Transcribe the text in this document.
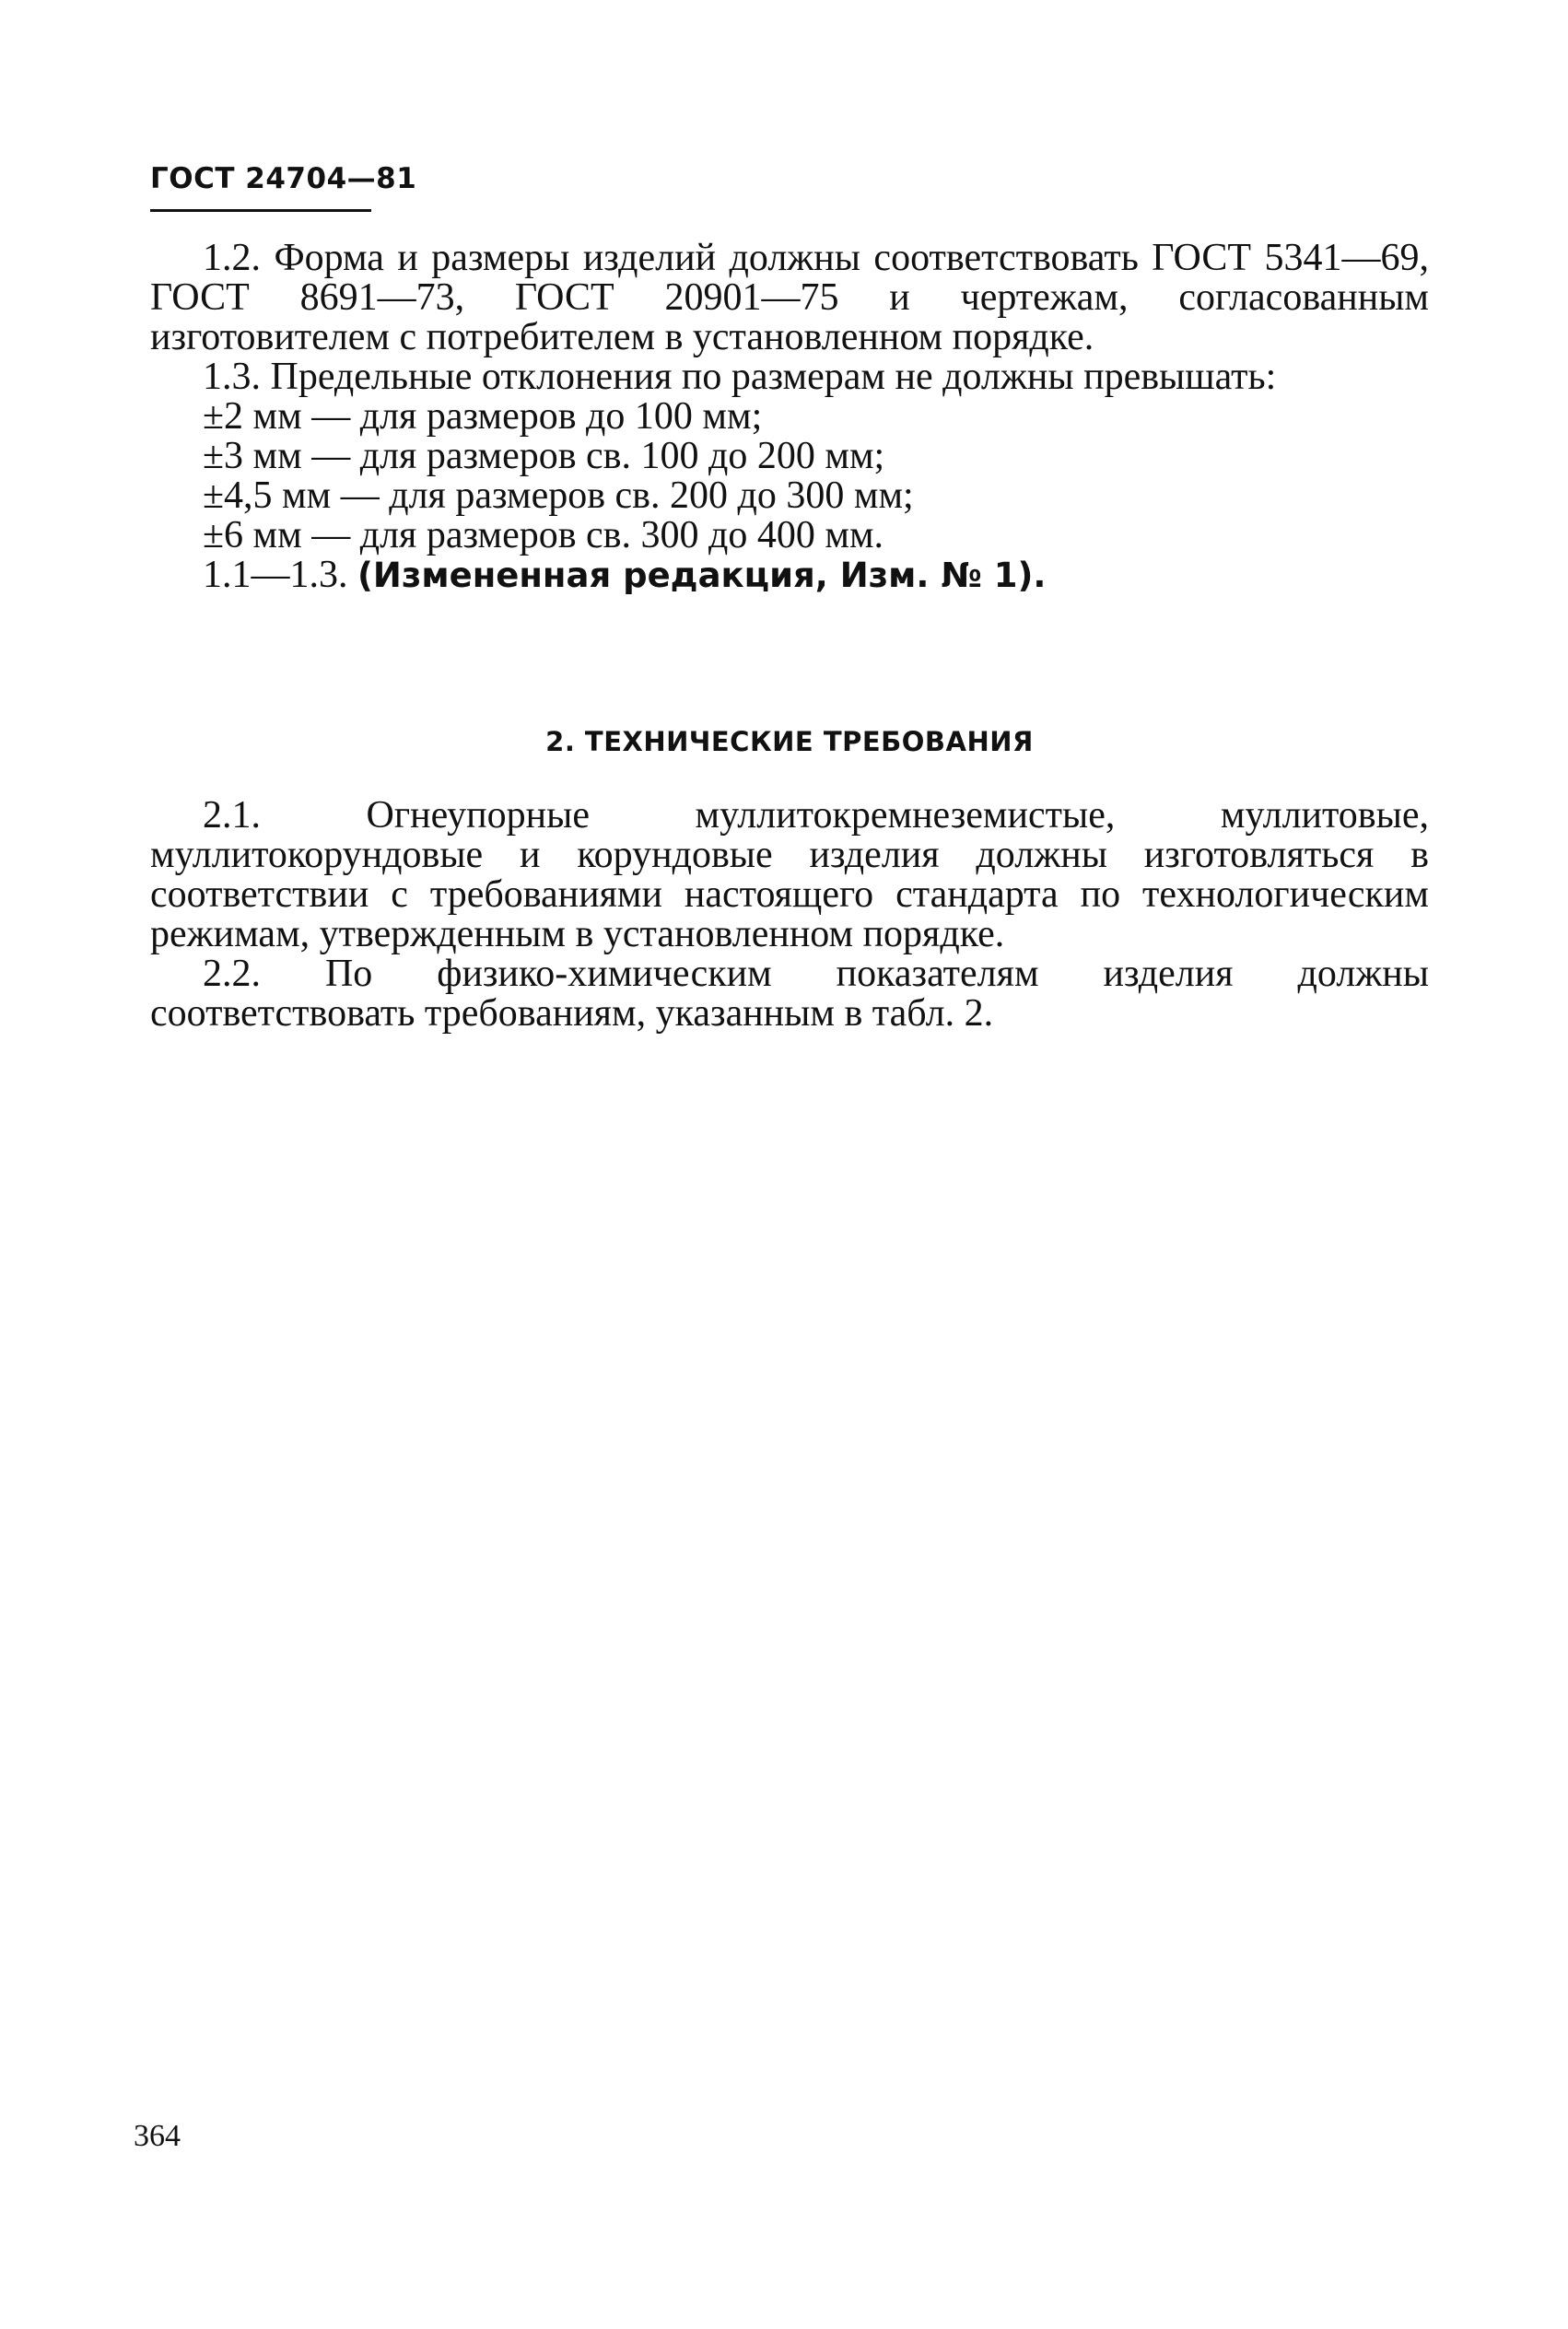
ГОСТ 24704—81

1.2. Форма и размеры изделий должны соответствовать ГОСТ 5341—69, ГОСТ 8691—73, ГОСТ 20901—75 и чертежам, согласованным изготовителем с потребителем в установленном порядке.

1.3. Предельные отклонения по размерам не должны превышать:

±2 мм — для размеров до 100 мм;
±3 мм — для размеров св. 100 до 200 мм;
±4,5 мм — для размеров св. 200 до 300 мм;
±6 мм — для размеров св. 300 до 400 мм.

1.1—1.3. (Измененная редакция, Изм. № 1).

2. ТЕХНИЧЕСКИЕ ТРЕБОВАНИЯ

2.1. Огнеупорные муллитокремнеземистые, муллитовые, муллитокорундовые и корундовые изделия должны изготовляться в соответствии с требованиями настоящего стандарта по технологическим режимам, утвержденным в установленном порядке.

2.2. По физико-химическим показателям изделия должны соответствовать требованиям, указанным в табл. 2.

364
